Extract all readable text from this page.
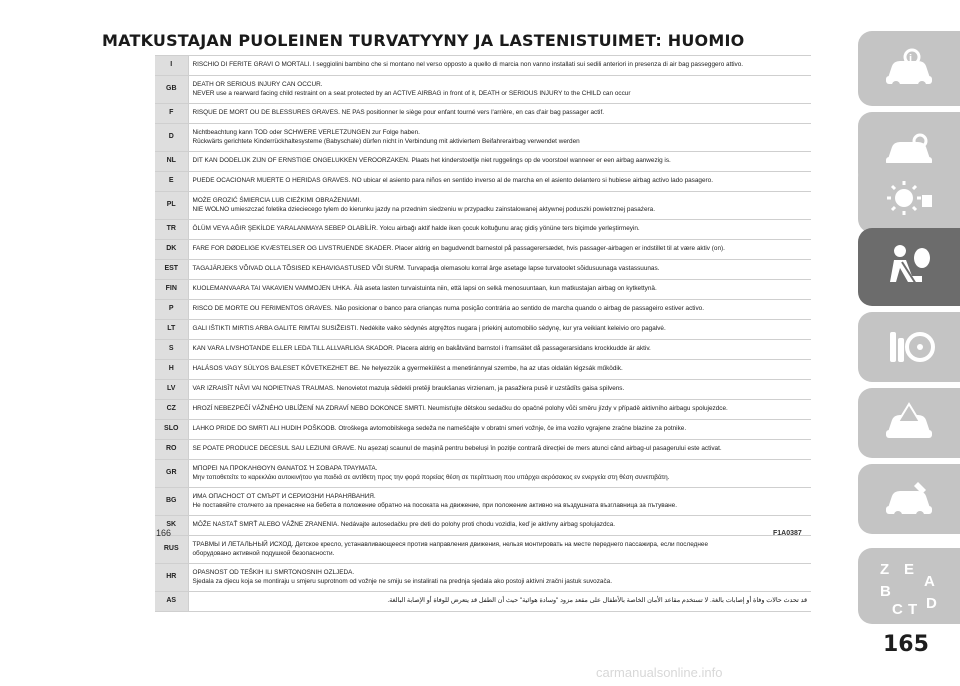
MATKUSTAJAN PUOLEINEN TURVATYYNY JA LASTENISTUIMET: HUOMIO
I	RISCHIO DI FERITE GRAVI O MORTALI. I seggiolini bambino che si montano nel verso opposto a quello di marcia non vanno installati sui sedili anteriori in presenza di air bag passeggero attivo.

GB	DEATH OR SERIOUS INJURY CAN OCCUR.
NEVER use a rearward facing child restraint on a seat protected by an ACTIVE AIRBAG in front of it, DEATH or SERIOUS INJURY to the CHILD can occur

F	RISQUE DE MORT OU DE BLESSURES GRAVES. NE PAS positionner le siège pour enfant tourné vers l'arrière, en cas d'air bag passager actif.

D	Nichtbeachtung kann TOD oder SCHWERE VERLETZUNGEN zur Folge haben.
Rückwärts gerichtete Kinderrückhaltesysteme (Babyschale) dürfen nicht in Verbindung mit aktiviertem Beifahrerairbag verwendet werden

NL	DIT KAN DODELIJK ZIJN OF ERNSTIGE ONGELUKKEN VEROORZAKEN. Plaats het kinderstoeltje niet ruggelings op de voorstoel wanneer er een airbag aanwezig is.

E	PUEDE OCACIONAR MUERTE O HERIDAS GRAVES. NO ubicar el asiento para niños en sentido inverso al de marcha en el asiento delantero si hubiese airbag activo lado pasagero.

PL	MOŻE GROZIĆ ŚMIERCIA LUB CIEŻKIMI OBRAŻENIAMI.
NIE WOLNO umieszczać foletika dzieciecego tylem do kierunku jazdy na przednim siedzeniu w przypadku zainstalowanej aktywnej poduszki powietrznej pasażera.

TR	ÖLÜM VEYA AĞIR ŞEKİLDE YARALANMAYA SEBEP OLABİLİR. Yolcu airbağı aktif halde iken çocuk koltuğunu araç gidiş yönüne ters biçimde yerleştirmeyin.

DK	FARE FOR DØDELIGE KVÆSTELSER OG LIVSTRUENDE SKADER. Placer aldrig en bagudvendt barnestol på passagerersædet, hvis passager-airbagen er indstillet til at være aktiv (on).

EST	TAGAJÄRJEKS VÕIVAD OLLA TÕSISED KEHAVIGASTUSED VÕI SURM. Turvapadja olemasolu korral ärge asetage lapse turvatoolet sõidusuunaga vastassuunas.

FIN	KUOLEMANVAARA TAI VAKAVIEN VAMMOJEN UHKA. Älä aseta lasten turvaistuinta niin, että lapsi on selkä menosuuntaan, kun matkustajan airbag on kytkettynä.

P	RISCO DE MORTE OU FERIMENTOS GRAVES. Não posicionar o banco para crianças numa posição contrária ao sentido de marcha quando o airbag de passageiro estiver activo.

LT	GALI IŠTIKTI MIRTIS ARBA GALITE RIMTAI SUSIŽEISTI. Nedėkite vaiko sėdynės atgręžtos nugara į priekinį automobilio sėdynę, kur yra veikiant keleivio oro pagalvė.

S	KAN VARA LIVSHOTANDE ELLER LEDA TILL ALLVARLIGA SKADOR. Placera aldrig en bakåtvänd barnstol i framsätet då passagerarsidans krockkudde är aktiv.

H	HALÁSOS VAGY SÚLYOS BALESET KÖVETKEZHET BE. Ne helyezzük a gyermekülést a menetiránnyal szembe, ha az utas oldalán légzsák működik.

LV	VAR IZRAISĪT NĀVI VAI NOPIETNAS TRAUMAS. Nenovietot mazuļa sēdekli pretēji braukšanas virzienam, ja pasažiera pusē ir uzstādīts gaisa spilvens.

CZ	HROZÍ NEBEZPEČÍ VÁŽNÉHO UBLÍŽENÍ NA ZDRAVÍ NEBO DOKONCE SMRTI. Neumisťujte dětskou sedačku do opačné polohy vůči směru jízdy v případě aktivního airbagu spolujezdce.

SLO	LAHKO PRIDE DO SMRTI ALI HUDIH POŠKODB. Otroškega avtomobilskega sedeža ne nameščajte v obratni smeri vožnje, če ima vozilo vgrajene zračne blazine za potnike.

RO	SE POATE PRODUCE DECESUL SAU LEZIUNI GRAVE. Nu așezați scaunul de mașină pentru bebeluși în poziție contrară direcției de mers atunci când airbag-ul pasagerului este activat.

GR	ΜΠΟΡΕΙ ΝΑ ΠΡΟΚΛΗΘΟΥΝ ΘΑΝΑΤΟΣ Ή ΣΟΒΑΡΑ ΤΡΑΥΜΑΤΑ.
Μην τοποθετείτε το καρεκλάκι αυτοκινήτου για παιδιά σε αντίθετη προς την φορά πορείας θέση σε περίπτωση που υπάρχει αερόσακος εν ενεργεία στη θέση συνεπιβάτη.

BG	ИМА ОПАСНОСТ ОТ СМЪРТ И СЕРИОЗНИ НАРАНЯВАНИЯ.
Не поставяйте столчето за пренасяне на бебета в положение обратно на посоката на движение, при положение активно на въздушната възглавница за пътуване.

SK	MÔŽE NASTAŤ SMRŤ ALEBO VÁŽNE ZRANENIA. Nedávajte autosedačku pre deti do polohy proti chodu vozidla, keď je aktívny airbag spolujazdca.

RUS	ТРАВМЫ И ЛЕТАЛЬНЫЙ ИСХОД. Детское кресло, устанавливающееся против направления движения, нельзя монтировать на месте переднего пассажира, если последнее
оборудовано активной подушкой безопасности.

HR	OPASNOST OD TEŠKIH ILI SMRTONOSNIH OZLJEDA.
Sjedala za djecu koja se montiraju u smjeru suprotnom od vožnje ne smiju se instalirati na prednja sjedala ako postoji aktivni zračni jastuk suvozača.

AS	قد تحدث حالات وفاة أو إصابات بالغة. لا تستخدم مقاعد الأمان الخاصة بالأطفال على مقعد مزود "وسادة هوائية" حيث أن الطفل قد يتعرض للوفاة أو الإصابة البالغة.
166	F1A0387
i
Z E
A
B
C T D
165
carmanualsonline.info
